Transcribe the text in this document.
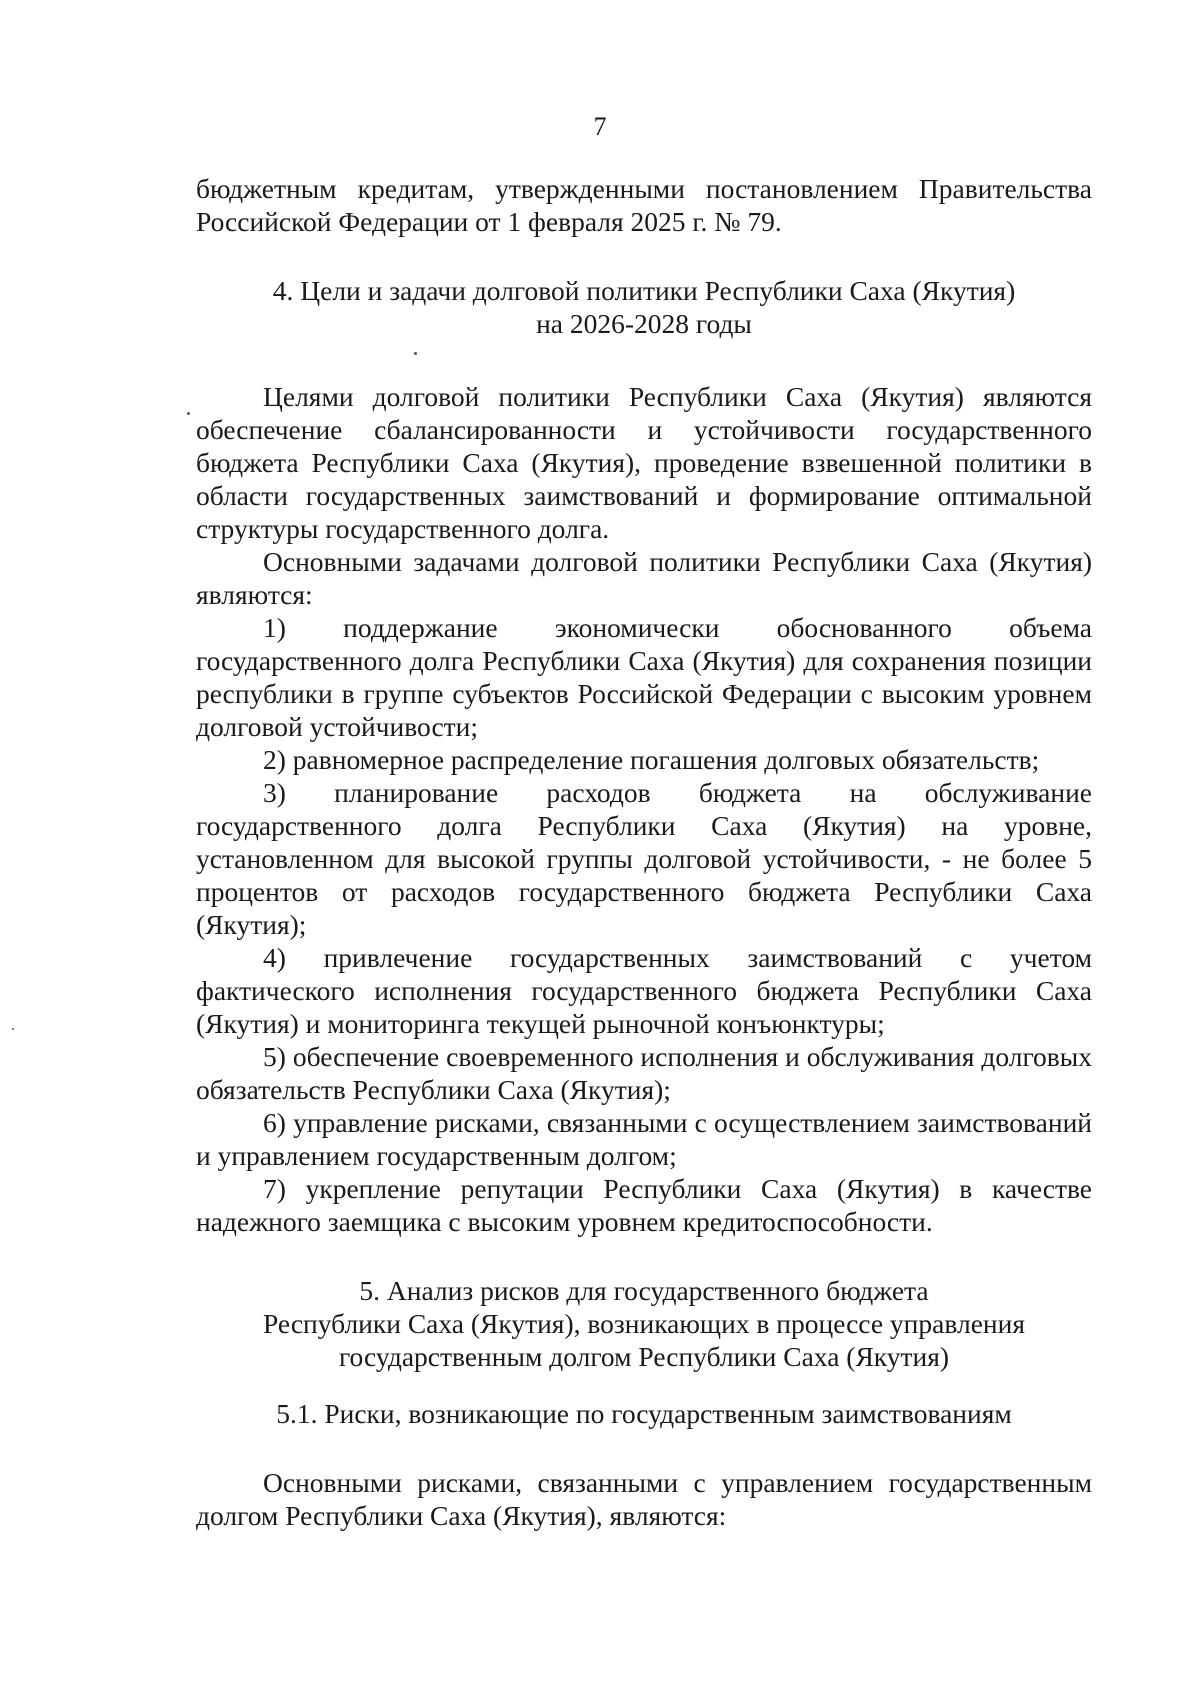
7

бюджетным кредитам, утвержденными постановлением Правительства Российской Федерации от 1 февраля 2025 г. № 79.

4. Цели и задачи долговой политики Республики Саха (Якутия)

на 2026-2028 годы

Целями долговой политики Республики Саха (Якутия) являются обеспечение сбалансированности и устойчивости государственного бюджета Республики Саха (Якутия), проведение взвешенной политики в области государственных заимствований и формирование оптимальной структуры государственного долга.

Основными задачами долговой политики Республики Саха (Якутия) являются:

1) поддержание экономически обоснованного объема государственного долга Республики Саха (Якутия) для сохранения позиции республики в группе субъектов Российской Федерации с высоким уровнем долговой устойчивости;

2) равномерное распределение погашения долговых обязательств;

3) планирование расходов бюджета на обслуживание государственного долга Республики Саха (Якутия) на уровне, установленном для высокой группы долговой устойчивости, - не более 5 процентов от расходов государственного бюджета Республики Саха (Якутия);

4) привлечение государственных заимствований с учетом фактического исполнения государственного бюджета Республики Саха (Якутия) и мониторинга текущей рыночной конъюнктуры;

5) обеспечение своевременного исполнения и обслуживания долговых обязательств Республики Саха (Якутия);

6) управление рисками, связанными с осуществлением заимствований и управлением государственным долгом;

7) укрепление репутации Республики Саха (Якутия) в качестве надежного заемщика с высоким уровнем кредитоспособности.

5. Анализ рисков для государственного бюджета

Республики Саха (Якутия), возникающих в процессе управления

государственным долгом Республики Саха (Якутия)

5.1. Риски, возникающие по государственным заимствованиям

Основными рисками, связанными с управлением государственным долгом Республики Саха (Якутия), являются:
